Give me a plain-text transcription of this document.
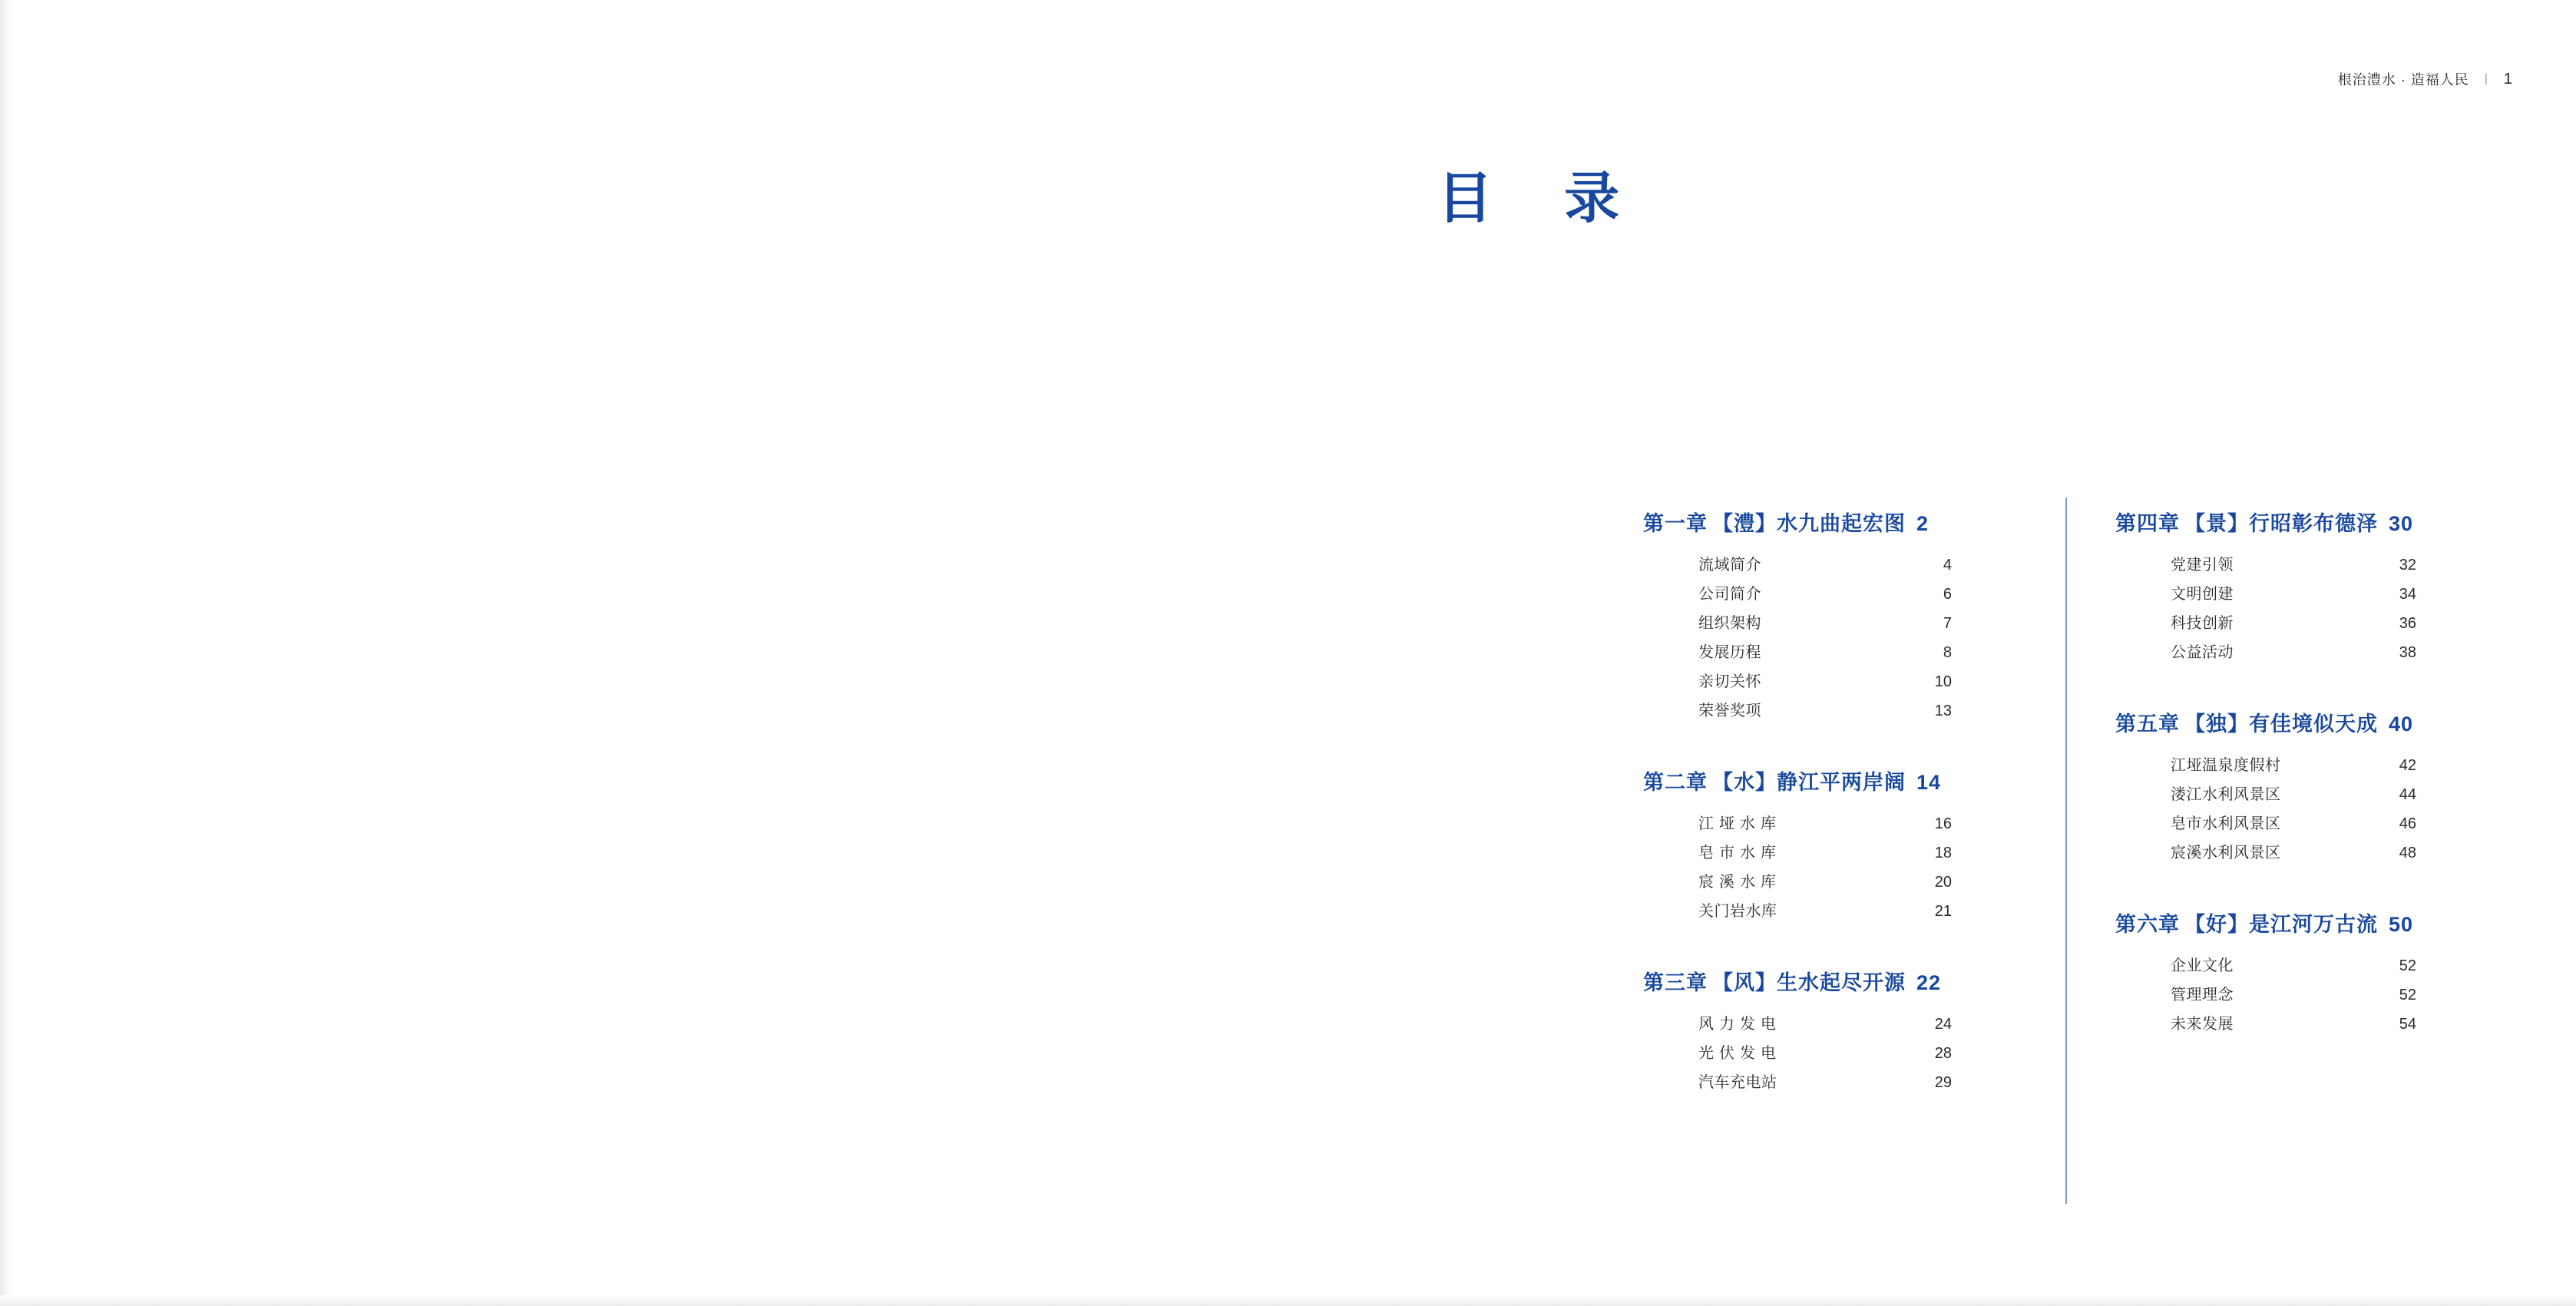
根治澧水 · 造福人民 | 1
目 录
第一章 【澧】水九曲起宏图 2
流域简介	4
公司简介	6
组织架构	7
发展历程	8
亲切关怀	10
荣誉奖项	13
第二章 【水】静江平两岸阔 14
江垭水库	16
皂市水库	18
宸溪水库	20
关门岩水库	21
第三章 【风】生水起尽开源 22
风力发电	24
光伏发电	28
汽车充电站	29
第四章 【景】行昭彰布德泽 30
党建引领	32
文明创建	34
科技创新	36
公益活动	38
第五章 【独】有佳境似天成 40
江垭温泉度假村	42
溇江水利风景区	44
皂市水利风景区	46
宸溪水利风景区	48
第六章 【好】是江河万古流 50
企业文化	52
管理理念	52
未来发展	54
